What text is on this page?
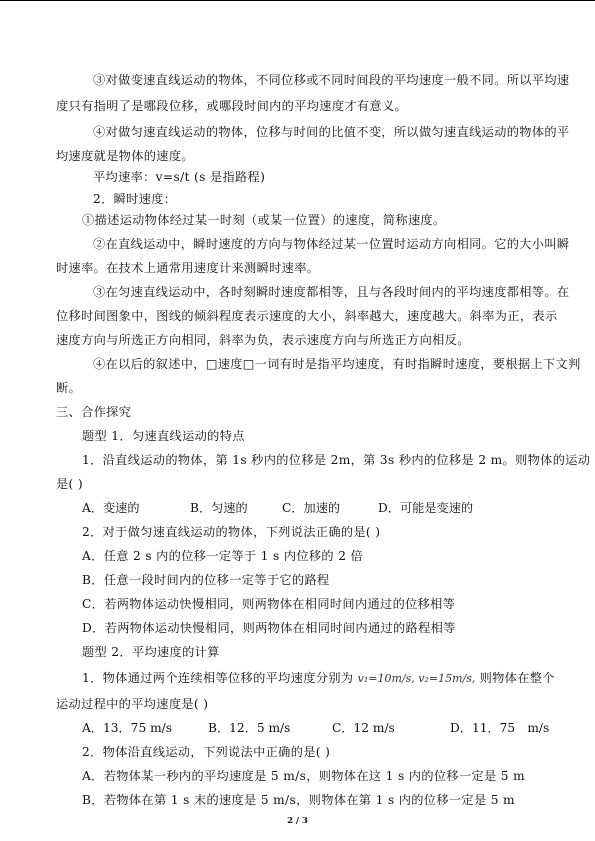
③对做变速直线运动的物体，不同位移或不同时间段的平均速度一般不同。所以平均速
度只有指明了是哪段位移，或哪段时间内的平均速度才有意义。
④对做匀速直线运动的物体，位移与时间的比值不变，所以做匀速直线运动的物体的平
均速度就是物体的速度。
平均速率：v=s/t (s 是指路程)
2．瞬时速度：
①描述运动物体经过某一时刻（或某一位置）的速度，简称速度。
②在直线运动中，瞬时速度的方向与物体经过某一位置时运动方向相同。它的大小叫瞬
时速率。在技术上通常用速度计来测瞬时速率。
③在匀速直线运动中，各时刻瞬时速度都相等，且与各段时间内的平均速度都相等。在
位移时间图象中，图线的倾斜程度表示速度的大小，斜率越大，速度越大。斜率为正，表示
速度方向与所选正方向相同，斜率为负，表示速度方向与所选正方向相反。
④在以后的叙述中，□速度□一词有时是指平均速度，有时指瞬时速度，要根据上下文判
断。
三、合作探究
题型 1．匀速直线运动的特点
1．沿直线运动的物体，第 1s 秒内的位移是 2m，第 3s 秒内的位移是 2 m。则物体的运动
是( )
A．变速的	B．匀速的	C．加速的	D．可能是变速的
2．对于做匀速直线运动的物体，下列说法正确的是( )
A．任意 2 s 内的位移一定等于 1 s 内位移的 2 倍
B．任意一段时间内的位移一定等于它的路程
C．若两物体运动快慢相同，则两物体在相同时间内通过的位移相等
D．若两物体运动快慢相同，则两物体在相同时间内通过的路程相等
题型 2．平均速度的计算
1．物体通过两个连续相等位移的平均速度分别为 v₁=10m/s, v₂=15m/s, 则物体在整个
运动过程中的平均速度是( )
A．13．75 m/s	B．12．5 m/s	C．12 m/s	D．11．75　m/s
2．物体沿直线运动，下列说法中正确的是( )
A．若物体某一秒内的平均速度是 5 m/s，则物体在这 1 s 内的位移一定是 5 m
B．若物体在第 1 s 末的速度是 5 m/s，则物体在第 1 s 内的位移一定是 5 m
2 / 3
